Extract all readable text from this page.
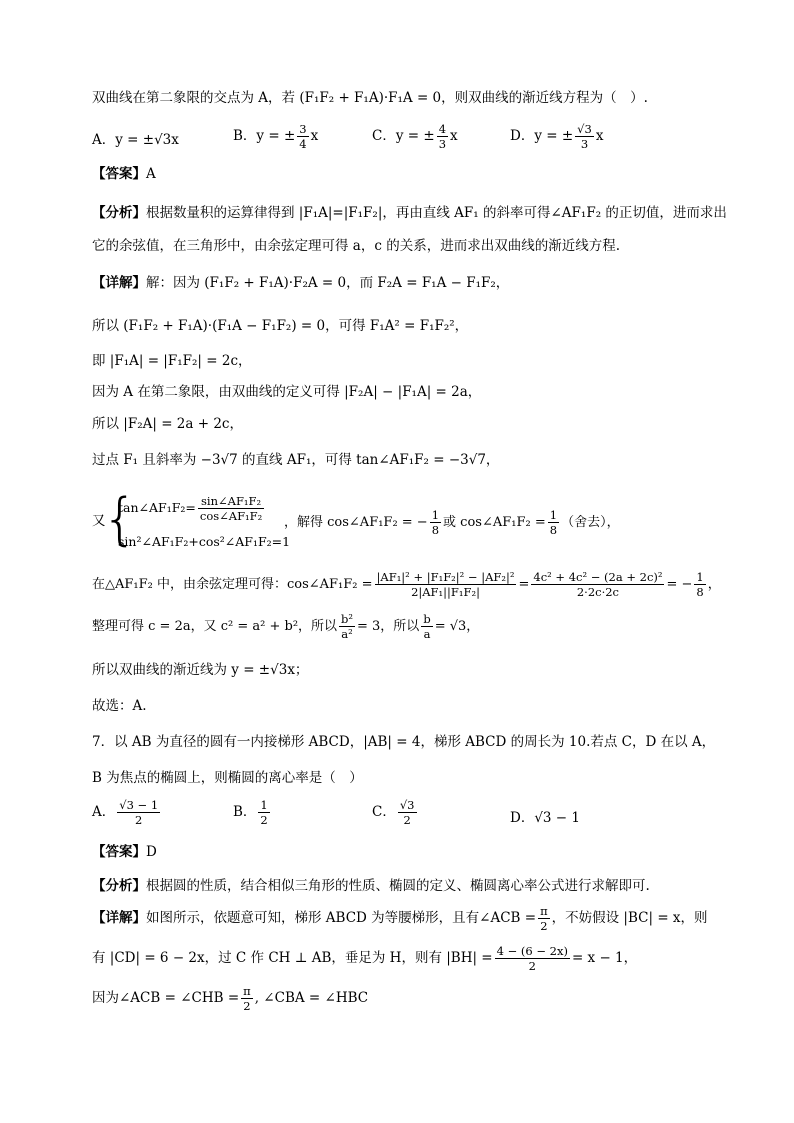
双曲线在第二象限的交点为 A，若 (F₁F₂ + F₁A)·F₁A = 0，则双曲线的渐近线方程为（　）.
A．y = ±√3x	B．y = ± $\frac{3}{4}$ x	C．y = ± $\frac{4}{3}$ x	D．y = ± $\frac{√3}{3}$ x
【答案】A
【分析】根据数量积的运算律得到 |F₁A|=|F₁F₂|，再由直线 AF₁ 的斜率可得∠AF₁F₂ 的正切值，进而求出
它的余弦值，在三角形中，由余弦定理可得 a，c 的关系，进而求出双曲线的渐近线方程.
【详解】解：因为 (F₁F₂ + F₁A)·F₂A = 0，而 F₂A = F₁A − F₁F₂，
所以 (F₁F₂ + F₁A)·(F₁A − F₁F₂) = 0，可得 F₁A² = F₁F₂²，
即 |F₁A| = |F₁F₂| = 2c，
因为 A 在第二象限，由双曲线的定义可得 |F₂A| − |F₁A| = 2a，
所以 |F₂A| = 2a + 2c，
过点 F₁ 且斜率为 −3√7 的直线 AF₁，可得 tan∠AF₁F₂ = −3√7，
又
{
tan∠AF₁F₂= $\frac{\text{sin∠AF₁F₂}}{\text{cos∠AF₁F₂}}$
sin²∠AF₁F₂+cos²∠AF₁F₂=1
，解得 cos∠AF₁F₂ = − $\frac{1}{8}$ 或 cos∠AF₁F₂ = $\frac{1}{8}$ （舍去），
在△AF₁F₂ 中，由余弦定理可得：cos∠AF₁F₂ = $\frac{\text{|AF₁|² + |F₁F₂|² − |AF₂|²}}{\text{2|AF₁||F₁F₂|}} = \frac{\text{4c² + 4c² − (2a + 2c)²}}{2\cdot 2c\cdot 2c}$ = − $\frac{1}{8}$ ，
整理可得 c = 2a，又 c² = a² + b²，所以 $\frac{\text{b²}}{\text{a²}} = 3$，所以 $\frac{b}{a} = √3$，
所以双曲线的渐近线为 y = ±√3x；
故选：A.
7．以 AB 为直径的圆有一内接梯形 ABCD，|AB| = 4，梯形 ABCD 的周长为 10.若点 C，D 在以 A，
B 为焦点的椭圆上，则椭圆的离心率是（　）
A． $\frac{√3 - 1}{2}$	B． $\frac{1}{2}$	C． $\frac{√3}{2}$	D．√3 − 1
【答案】D
【分析】根据圆的性质，结合相似三角形的性质、椭圆的定义、椭圆离心率公式进行求解即可.
【详解】如图所示，依题意可知，梯形 ABCD 为等腰梯形，且有∠ACB = $\frac{\pi}{2}$ ，不妨假设 |BC| = x，则
有 |CD| = 6 − 2x，过 C 作 CH ⊥ AB，垂足为 H，则有 $|BH| = \frac{4 - (6 - 2x)}{2} = x - 1$，
因为∠ACB = ∠CHB = $\frac{\pi}{2}$ , ∠CBA = ∠HBC
